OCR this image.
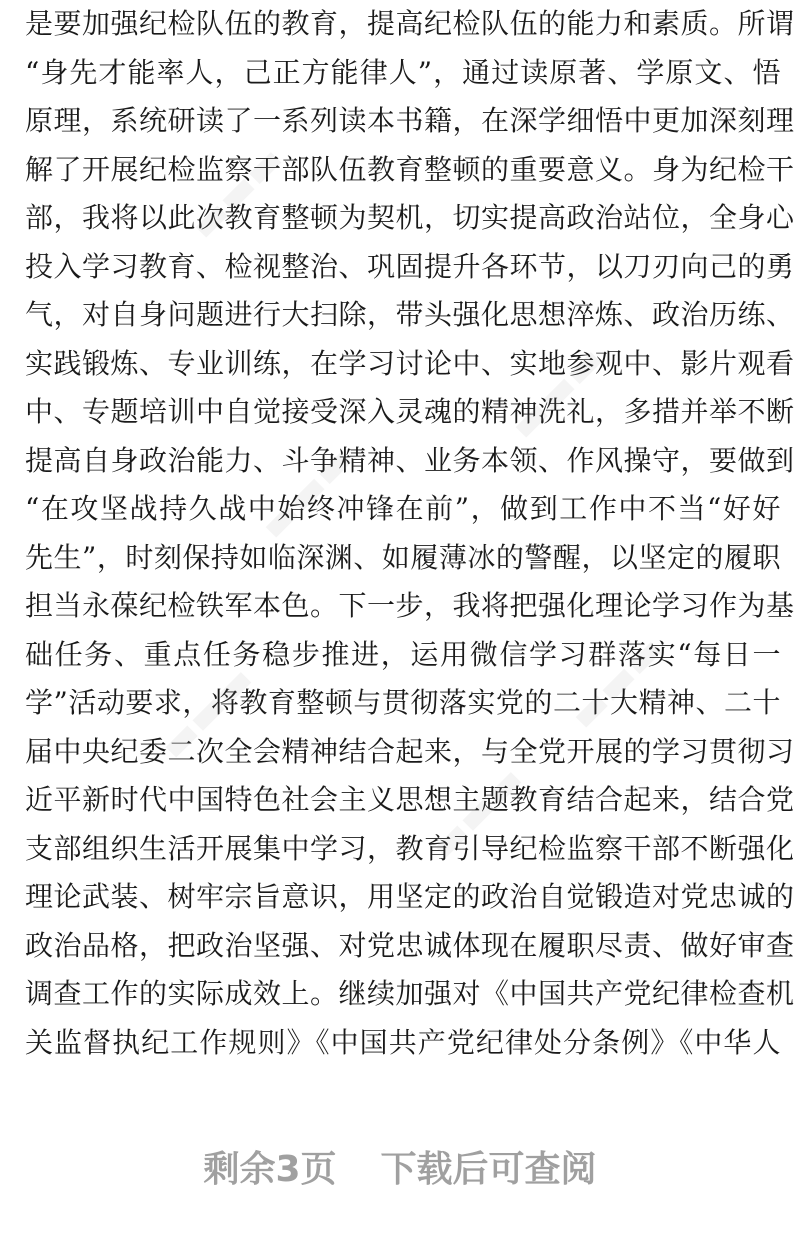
是要加强纪检队伍的教育，提高纪检队伍的能力和素质。所谓
“身先才能率人，己正方能律人”，通过读原著、学原文、悟
原理，系统研读了一系列读本书籍，在深学细悟中更加深刻理
解了开展纪检监察干部队伍教育整顿的重要意义。身为纪检干
部，我将以此次教育整顿为契机，切实提高政治站位，全身心
投入学习教育、检视整治、巩固提升各环节，以刀刃向己的勇
气，对自身问题进行大扫除，带头强化思想淬炼、政治历练、
实践锻炼、专业训练，在学习讨论中、实地参观中、影片观看
中、专题培训中自觉接受深入灵魂的精神洗礼，多措并举不断
提高自身政治能力、斗争精神、业务本领、作风操守，要做到
“在攻坚战持久战中始终冲锋在前”，做到工作中不当“好好
先生”，时刻保持如临深渊、如履薄冰的警醒，以坚定的履职
担当永葆纪检铁军本色。下一步，我将把强化理论学习作为基
础任务、重点任务稳步推进，运用微信学习群落实“每日一
学”活动要求，将教育整顿与贯彻落实党的二十大精神、二十
届中央纪委二次全会精神结合起来，与全党开展的学习贯彻习
近平新时代中国特色社会主义思想主题教育结合起来，结合党
支部组织生活开展集中学习，教育引导纪检监察干部不断强化
理论武装、树牢宗旨意识，用坚定的政治自觉锻造对党忠诚的
政治品格，把政治坚强、对党忠诚体现在履职尽责、做好审查
调查工作的实际成效上。继续加强对《中国共产党纪律检查机
关监督执纪工作规则》《中国共产党纪律处分条例》《中华人
▬▬▬
▬▬▬
▬▬▬
▬▬▬
▬▬▬
▬▬▬
剩余3页 下载后可查阅
